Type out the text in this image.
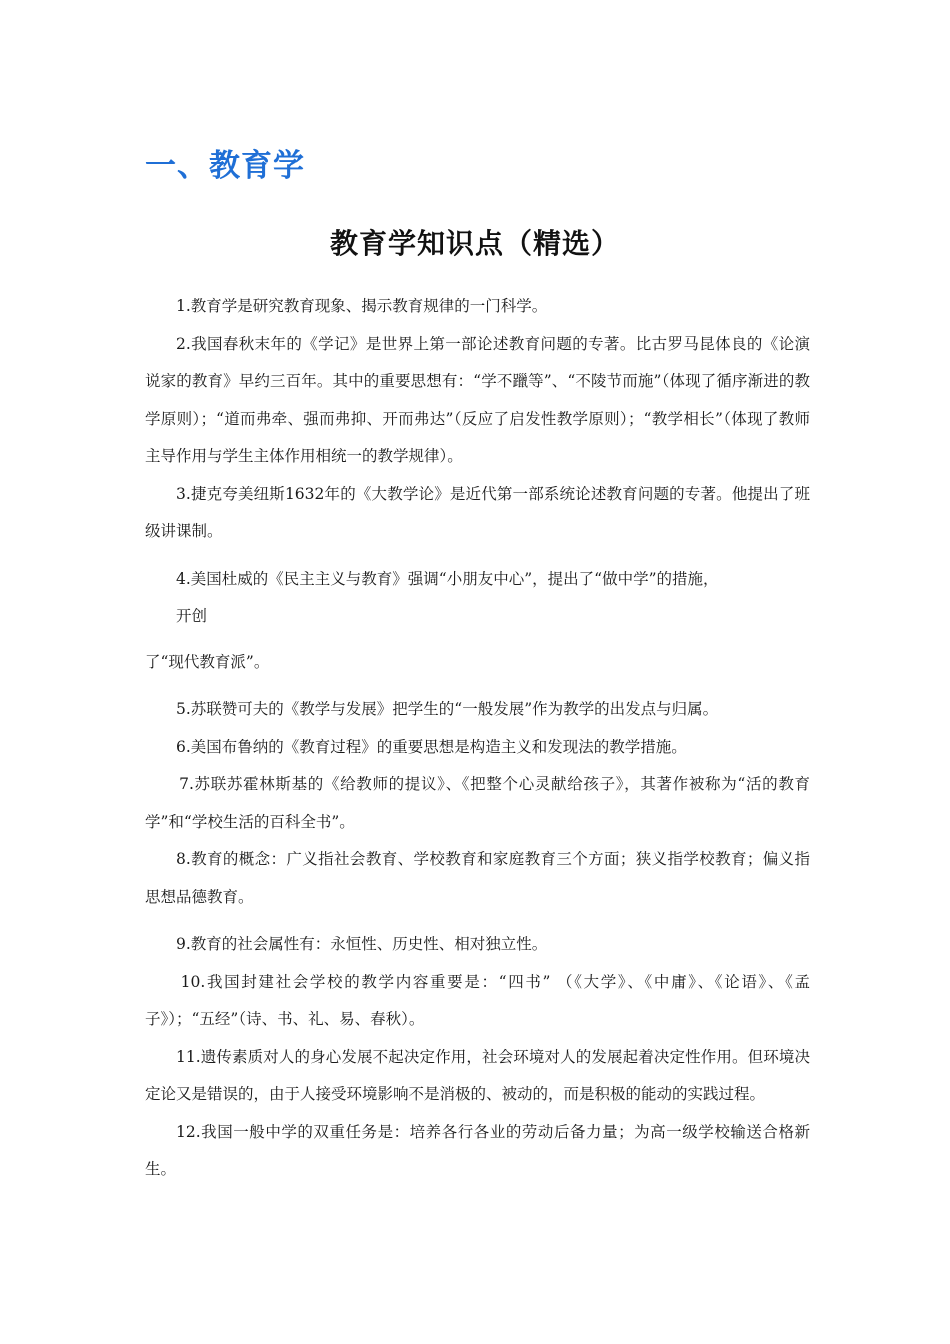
一、教育学
教育学知识点（精选）

1.教育学是研究教育现象、揭示教育规律的一门科学。

2.我国春秋末年的《学记》是世界上第一部论述教育问题的专著。比古罗马昆体良的《论演说家的教育》早约三百年。其中的重要思想有：“学不躐等”、“不陵节而施”（体现了循序渐进的教学原则）；“道而弗牵、强而弗抑、开而弗达”（反应了启发性教学原则）；“教学相长”（体现了教师主导作用与学生主体作用相统一的教学规律）。

3.捷克夸美纽斯1632年的《大教学论》是近代第一部系统论述教育问题的专著。他提出了班级讲课制。

4.美国杜威的《民主主义与教育》强调“小朋友中心”，提出了“做中学”的措施，

开创

了“现代教育派”。

5.苏联赞可夫的《教学与发展》把学生的“一般发展”作为教学的出发点与归属。

6.美国布鲁纳的《教育过程》的重要思想是构造主义和发现法的教学措施。

7.苏联苏霍林斯基的《给教师的提议》、《把整个心灵献给孩子》，其著作被称为“活的教育学”和“学校生活的百科全书”。

8.教育的概念：广义指社会教育、学校教育和家庭教育三个方面；狭义指学校教育；偏义指思想品德教育。

9.教育的社会属性有：永恒性、历史性、相对独立性。

10.我国封建社会学校的教学内容重要是：“四书” （《大学》、《中庸》、《论语》、《孟子》）；“五经”（诗、书、礼、易、春秋）。

11.遗传素质对人的身心发展不起决定作用，社会环境对人的发展起着决定性作用。但环境决定论又是错误的，由于人接受环境影响不是消极的、被动的，而是积极的能动的实践过程。

12.我国一般中学的双重任务是：培养各行各业的劳动后备力量；为高一级学校输送合格新生。
